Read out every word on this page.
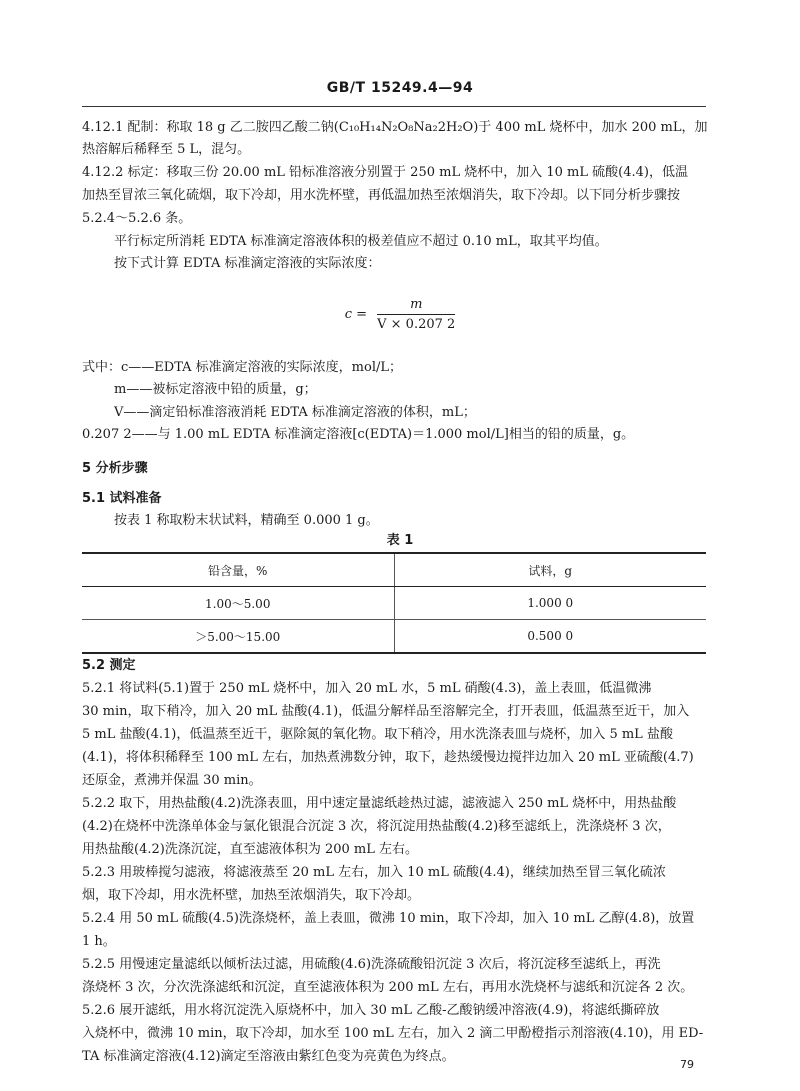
GB/T 15249.4—94
4.12.1 配制：称取 18 g 乙二胺四乙酸二钠(C₁₀H₁₄N₂O₈Na₂2H₂O)于 400 mL 烧杯中，加水 200 mL，加
热溶解后稀释至 5 L，混匀。
4.12.2 标定：移取三份 20.00 mL 铅标准溶液分别置于 250 mL 烧杯中，加入 10 mL 硫酸(4.4)，低温
加热至冒浓三氧化硫烟，取下冷却，用水洗杯壁，再低温加热至浓烟消失，取下冷却。以下同分析步骤按
5.2.4～5.2.6 条。
平行标定所消耗 EDTA 标准滴定溶液体积的极差值应不超过 0.10 mL，取其平均值。
按下式计算 EDTA 标准滴定溶液的实际浓度：
式中：c——EDTA 标准滴定溶液的实际浓度，mol/L；
m——被标定溶液中铅的质量，g；
V——滴定铅标准溶液消耗 EDTA 标准滴定溶液的体积，mL；
0.207 2——与 1.00 mL EDTA 标准滴定溶液[c(EDTA)＝1.000 mol/L]相当的铅的质量，g。
5 分析步骤
5.1 试料准备
按表 1 称取粉末状试料，精确至 0.000 1 g。
5.2 测定
5.2.1 将试料(5.1)置于 250 mL 烧杯中，加入 20 mL 水，5 mL 硝酸(4.3)，盖上表皿，低温微沸
30 min，取下稍冷，加入 20 mL 盐酸(4.1)，低温分解样品至溶解完全，打开表皿，低温蒸至近干，加入
5 mL 盐酸(4.1)，低温蒸至近干，驱除氮的氧化物。取下稍冷，用水洗涤表皿与烧杯，加入 5 mL 盐酸
(4.1)，将体积稀释至 100 mL 左右，加热煮沸数分钟，取下，趁热缓慢边搅拌边加入 20 mL 亚硫酸(4.7)
还原金，煮沸并保温 30 min。
5.2.2 取下，用热盐酸(4.2)洗涤表皿，用中速定量滤纸趁热过滤，滤液滤入 250 mL 烧杯中，用热盐酸
(4.2)在烧杯中洗涤单体金与氯化银混合沉淀 3 次，将沉淀用热盐酸(4.2)移至滤纸上，洗涤烧杯 3 次，
用热盐酸(4.2)洗涤沉淀，直至滤液体积为 200 mL 左右。
5.2.3 用玻棒搅匀滤液，将滤液蒸至 20 mL 左右，加入 10 mL 硫酸(4.4)，继续加热至冒三氧化硫浓
烟，取下冷却，用水洗杯壁，加热至浓烟消失，取下冷却。
5.2.4 用 50 mL 硫酸(4.5)洗涤烧杯，盖上表皿，微沸 10 min，取下冷却，加入 10 mL 乙醇(4.8)，放置
1 h。
5.2.5 用慢速定量滤纸以倾析法过滤，用硫酸(4.6)洗涤硫酸铅沉淀 3 次后，将沉淀移至滤纸上，再洗
涤烧杯 3 次，分次洗涤滤纸和沉淀，直至滤液体积为 200 mL 左右，再用水洗烧杯与滤纸和沉淀各 2 次。
5.2.6 展开滤纸，用水将沉淀洗入原烧杯中，加入 30 mL 乙酸-乙酸钠缓冲溶液(4.9)，将滤纸撕碎放
入烧杯中，微沸 10 min，取下冷却，加水至 100 mL 左右，加入 2 滴二甲酚橙指示剂溶液(4.10)，用 ED-
TA 标准滴定溶液(4.12)滴定至溶液由紫红色变为亮黄色为终点。
$c = \frac{m}{V \times 0.207 2}$
表 1
铅含量，%	试料，g
1.00～5.00	1.000 0
＞5.00～15.00	0.500 0
79
